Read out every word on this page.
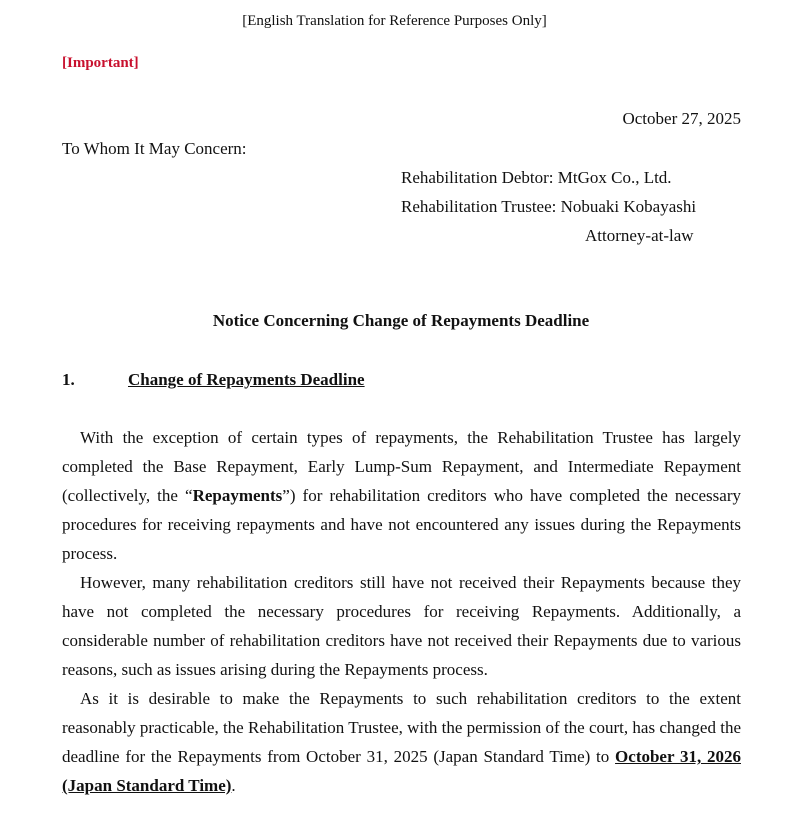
[English Translation for Reference Purposes Only]
[Important]
October 27, 2025
To Whom It May Concern:
Rehabilitation Debtor: MtGox Co., Ltd.
Rehabilitation Trustee: Nobuaki Kobayashi
Attorney-at-law
Notice Concerning Change of Repayments Deadline
1.	Change of Repayments Deadline

With the exception of certain types of repayments, the Rehabilitation Trustee has largely completed the Base Repayment, Early Lump-Sum Repayment, and Intermediate Repayment (collectively, the “Repayments”) for rehabilitation creditors who have completed the necessary procedures for receiving repayments and have not encountered any issues during the Repayments process.

However, many rehabilitation creditors still have not received their Repayments because they have not completed the necessary procedures for receiving Repayments. Additionally, a considerable number of rehabilitation creditors have not received their Repayments due to various reasons, such as issues arising during the Repayments process.

As it is desirable to make the Repayments to such rehabilitation creditors to the extent reasonably practicable, the Rehabilitation Trustee, with the permission of the court, has changed the deadline for the Repayments from October 31, 2025 (Japan Standard Time) to October 31, 2026 (Japan Standard Time).
